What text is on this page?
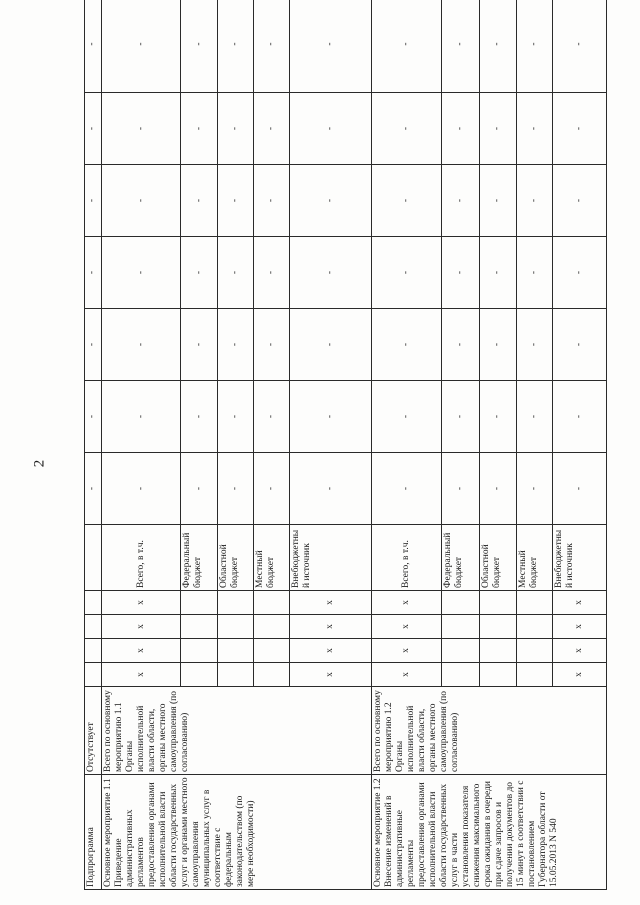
2
Подпрограмма	Отсутствует						-	-	-	-	-	-	-
Основное мероприятие 1.1 Приведение административных регламентов предоставления органами исполнительной власти области государственных услуг и органами местного самоуправления муниципальных услуг в соответствие с федеральным законодательством (по мере необходимости)	Всего по основному мероприятию 1.1 Органы исполнительной власти области, органы местного самоуправления (по согласованию)	x	x	x	x	Всего, в т.ч.	-	-	-	-	-	-	-
						Федеральный бюджет	-	-	-	-	-	-	-
						Областной бюджет	-	-	-	-	-	-	-
						Местный бюджет	-	-	-	-	-	-	-
		x	x	x	x	Внебюджетный источник	-	-	-	-	-	-	-
Основное мероприятие 1.2 Внесение изменений в административные регламенты предоставления органами исполнительной власти области государственных услуг в части установления показателя снижения максимального срока ожидания в очереди при сдаче запросов и получении документов до 15 минут в соответствии с постановлением Губернатора области от 15.05.2013 N 540	Всего по основному мероприятию 1.2 Органы исполнительной власти области, органы местного самоуправления (по согласованию)	x	x	x	x	Всего, в т.ч.	-	-	-	-	-	-	-
						Федеральный бюджет	-	-	-	-	-	-	-
						Областной бюджет	-	-	-	-	-	-	-
						Местный бюджет	-	-	-	-	-	-	-
		x	x	x	x	Внебюджетный источник	-	-	-	-	-	-	-
